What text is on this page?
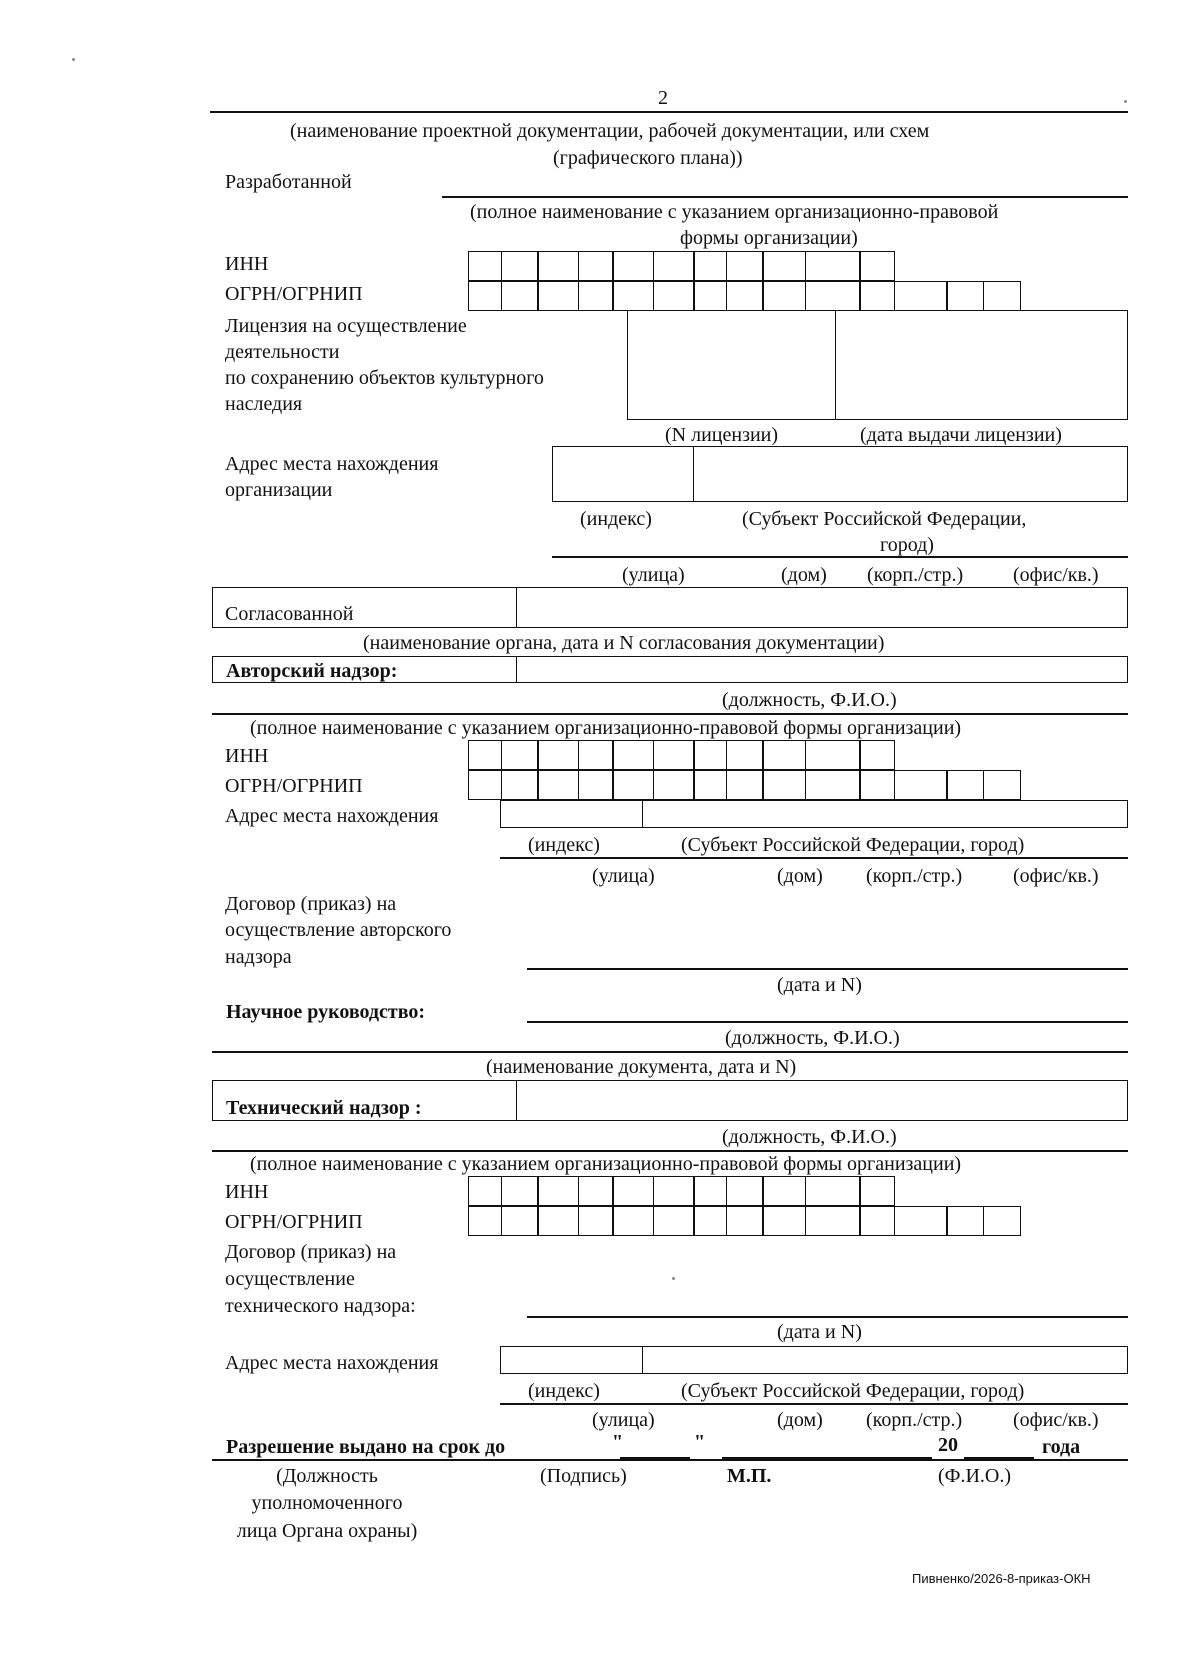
2
(наименование проектной документации, рабочей документации, или схем
(графического плана))
Разработанной
(полное наименование с указанием организационно-правовой
формы организации)
ИНН
ОГРН/ОГРНИП
Лицензия на осуществление
деятельности
по сохранению объектов культурного
наследия
(N лицензии)	(дата выдачи лицензии)
Адрес места нахождения
организации
(индекс)	(Субъект Российской Федерации,
город)
(улица)	(дом) (корп./стр.) (офис/кв.)
Согласованной
(наименование органа, дата и N согласования документации)
Авторский надзор:
(должность, Ф.И.О.)
(полное наименование с указанием организационно-правовой формы организации)
ИНН
ОГРН/ОГРНИП
Адрес места нахождения
(индекс)	(Субъект Российской Федерации, город)
(улица)	(дом) (корп./стр.)	(офис/кв.)
Договор (приказ) на
осуществление авторского
надзора
(дата и N)
Научное руководство:
(должность, Ф.И.О.)
(наименование документа, дата и N)
Технический надзор :
(должность, Ф.И.О.)
(полное наименование с указанием организационно-правовой формы организации)
ИНН
ОГРН/ОГРНИП
Договор (приказ) на
осуществление
технического надзора:
(дата и N)
Адрес места нахождения
(индекс)	(Субъект Российской Федерации, город)
(улица)	(дом) (корп./стр.)	(офис/кв.)
Разрешение выдано на срок до	"	"	20	года
(Должность
уполномоченного
лица Органа охраны)
(Подпись)	М.П.	(Ф.И.О.)
Пивненко/2026-8-приказ-ОКН
